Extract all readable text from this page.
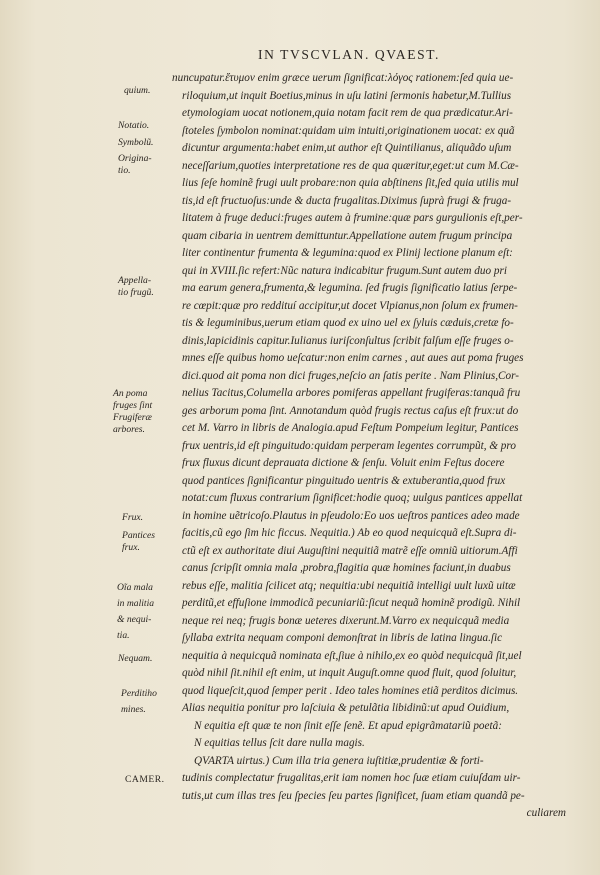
IN TVSCVLAN. QVAEST.
nuncupatur.ἔτυμον enim græce uerum ſignificat:λόγος rationem:ſed quia ue-
riloquium,ut inquit Boetius,minus in uſu latini ſermonis habetur,M.Tullius
etymologiam uocat notionem,quia notam facit rem de qua prædicatur.Ari-
ſtoteles ſymbolon nominat:quidam uim intuiti,originationem uocat: ex quã
dicuntur argumenta:habet enim,ut author eſt Quintilianus, aliquãdo uſum
neceſſarium,quoties interpretatione res de qua quæritur,eget:ut cum M.Cæ-
lius ſeſe hominẽ frugi uult probare:non quia abſtinens ſit,ſed quia utilis mul
tis,id eſt fructuoſus:unde & ducta frugalitas.Diximus ſuprà frugi & fruga-
litatem à fruge deduci:fruges autem à frumine:quæ pars gurgulionis eſt,per-
quam cibaria in uentrem demittuntur.Appellatione autem frugum principa
liter continentur frumenta & legumina:quod ex Plinij lectione planum eſt:
qui in XVIII.ſic refert:Nũc natura indicabitur frugum.Sunt autem duo pri
ma earum genera,frumenta,& legumina. ſed frugis ſignificatio latius ſerpe-
re cœpit:quæ pro reddituí accipitur,ut docet Vlpianus,non ſolum ex frumen-
tis & leguminibus,uerum etiam quod ex uino uel ex ſyluis cæduis,cretæ fo-
dinis,lapicidinis capitur.Iulianus iuriſconſultus ſcribit falſum eſſe fruges o-
mnes eſſe quibus homo ueſcatur:non enim carnes , aut aues aut poma fruges
dici.quod ait poma non dici fruges,neſcio an ſatis perite . Nam Plinius,Cor-
nelius Tacitus,Columella arbores pomiferas appellant frugiferas:tanquã fru
ges arborum poma ſint. Annotandum quòd frugis rectus caſus eſt frux:ut do
cet M. Varro in libris de Analogia.apud Feſtum Pompeium legitur, Pantices
frux uentris,id eſt pinguitudo:quidam perperam legentes corrumpũt, & pro
frux fluxus dicunt deprauata dictione & ſenſu. Voluit enim Feſtus docere
quod pantices ſignificantur pinguitudo uentris & extuberantia,quod frux
notat:cum fluxus contrarium ſignificet:hodie quoq; uulgus pantices appellat
in homine uẽtricoſo.Plautus in pſeudolo:Eo uos ueſtros pantices adeo made
facitis,cũ ego ſim hic ficcus. Nequitia.) Ab eo quod nequicquã eſt.Supra di-
ctũ eſt ex authoritate diui Auguſtini nequitiã matrẽ eſſe omniũ uitiorum.Affi
canus ſcripſit omnia mala ,probra,flagitia quæ homines faciunt,in duabus
rebus eſſe, malitia ſcilicet atq; nequitia:ubi nequitiã intelligi uult luxũ uitæ
perditũ,et effuſione immodicã pecuniariũ:ſicut nequã hominẽ prodigũ. Nihil
neque rei neq; frugis bonæ ueteres dixerunt.M.Varro ex nequicquã media
ſyllaba extrita nequam componi demonſtrat in libris de latina lingua.ſic
nequitia à nequicquã nominata eſt,ſiue à nihilo,ex eo quòd nequicquã ſit,uel
quòd nihil ſit.nihil eſt enim, ut inquit Auguſt.omne quod fluit, quod ſoluitur,
quod liqueſcit,quod ſemper perit . Ideo tales homines etiã perditos dicimus.
Alias nequitia ponitur pro laſciuia & petulãtia libidinũ:ut apud Ouidium,
N equitia eſt quæ te non ſinit eſſe ſenẽ. Et apud epigrãmatariũ poetã:
N equitias tellus ſcit dare nulla magis.
QVARTA uirtus.) Cum illa tria genera iuſtitiæ,prudentiæ & forti-
tudinis complectatur frugalitas,erit iam nomen hoc ſuæ etiam cuiuſdam uir-
tutis,ut cum illas tres ſeu ſpecies ſeu partes ſignificet, ſuam etiam quandã pe-
culiarem
quium.
Notatio.
Symbolũ.
Origina-
tio.
Appella-
tio frugũ.
An poma
fruges ſint
Frugiferæ
arbores.
Frux.
Pantices
frux.
Oĩa mala
in malitia
& nequi-
tia.
Nequam.
Perditiho
mines.
CAMER.
